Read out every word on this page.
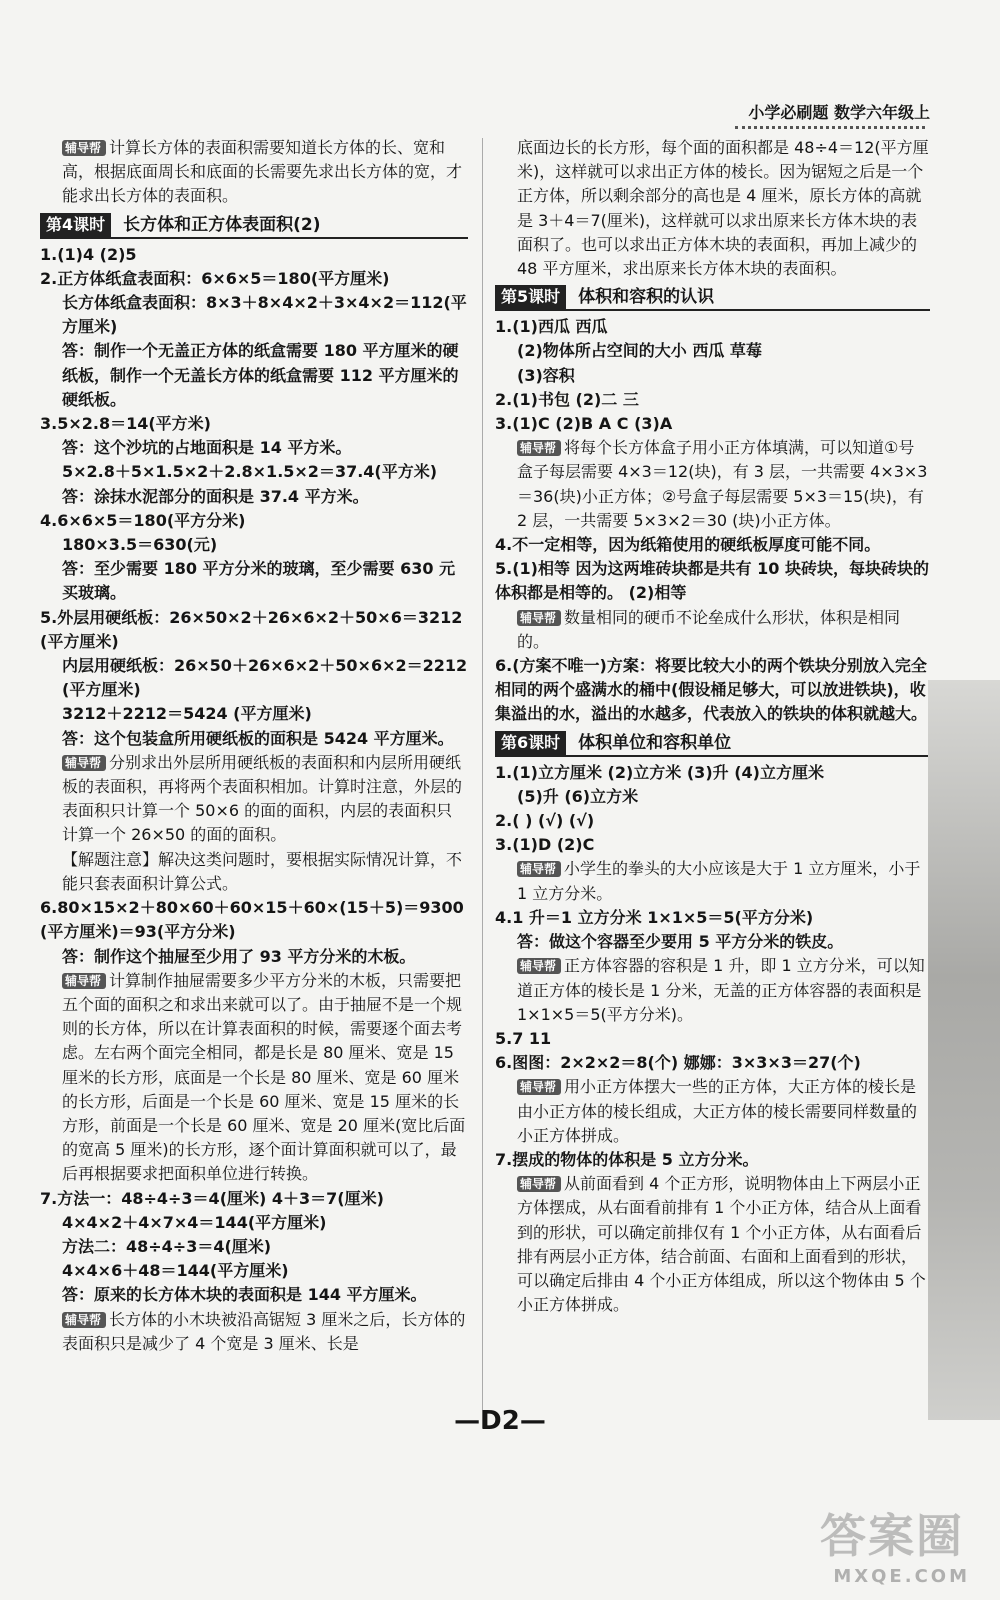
小学必刷题 数学六年级上
辅导帮 计算长方体的表面积需要知道长方体的长、宽和高，根据底面周长和底面的长需要先求出长方体的宽，才能求出长方体的表面积。
第4课时	长方体和正方体表面积(2)
1.(1)4 (2)5
2.正方体纸盒表面积：6×6×5＝180(平方厘米)
长方体纸盒表面积：8×3＋8×4×2＋3×4×2＝112(平方厘米)
答：制作一个无盖正方体的纸盒需要 180 平方厘米的硬纸板，制作一个无盖长方体的纸盒需要 112 平方厘米的硬纸板。
3.5×2.8＝14(平方米)
答：这个沙坑的占地面积是 14 平方米。
5×2.8＋5×1.5×2＋2.8×1.5×2＝37.4(平方米)
答：涂抹水泥部分的面积是 37.4 平方米。
4.6×6×5＝180(平方分米)
180×3.5＝630(元)
答：至少需要 180 平方分米的玻璃，至少需要 630 元买玻璃。
5.外层用硬纸板：26×50×2＋26×6×2＋50×6＝3212 (平方厘米)
内层用硬纸板：26×50＋26×6×2＋50×6×2＝2212 (平方厘米)
3212＋2212＝5424 (平方厘米)
答：这个包装盒所用硬纸板的面积是 5424 平方厘米。
辅导帮 分别求出外层所用硬纸板的表面积和内层所用硬纸板的表面积，再将两个表面积相加。计算时注意，外层的表面积只计算一个 50×6 的面的面积，内层的表面积只计算一个 26×50 的面的面积。
【解题注意】解决这类问题时，要根据实际情况计算，不能只套表面积计算公式。
6.80×15×2＋80×60＋60×15＋60×(15＋5)＝9300 (平方厘米)＝93(平方分米)
答：制作这个抽屉至少用了 93 平方分米的木板。
辅导帮 计算制作抽屉需要多少平方分米的木板，只需要把五个面的面积之和求出来就可以了。由于抽屉不是一个规则的长方体，所以在计算表面积的时候，需要逐个面去考虑。左右两个面完全相同，都是长是 80 厘米、宽是 15 厘米的长方形，底面是一个长是 80 厘米、宽是 60 厘米的长方形，后面是一个长是 60 厘米、宽是 15 厘米的长方形，前面是一个长是 60 厘米、宽是 20 厘米(宽比后面的宽高 5 厘米)的长方形，逐个面计算面积就可以了，最后再根据要求把面积单位进行转换。
7.方法一：48÷4÷3＝4(厘米) 4＋3＝7(厘米)
4×4×2＋4×7×4＝144(平方厘米)
方法二：48÷4÷3＝4(厘米)
4×4×6＋48＝144(平方厘米)
答：原来的长方体木块的表面积是 144 平方厘米。
辅导帮 长方体的小木块被沿高锯短 3 厘米之后，长方体的表面积只是减少了 4 个宽是 3 厘米、长是
底面边长的长方形，每个面的面积都是 48÷4＝12(平方厘米)，这样就可以求出正方体的棱长。因为锯短之后是一个正方体，所以剩余部分的高也是 4 厘米，原长方体的高就是 3＋4＝7(厘米)，这样就可以求出原来长方体木块的表面积了。也可以求出正方体木块的表面积，再加上减少的 48 平方厘米，求出原来长方体木块的表面积。
第5课时	体积和容积的认识
1.(1)西瓜 西瓜
(2)物体所占空间的大小 西瓜 草莓
(3)容积
2.(1)书包 (2)二 三
3.(1)C (2)B A C (3)A
辅导帮 将每个长方体盒子用小正方体填满，可以知道①号盒子每层需要 4×3＝12(块)，有 3 层，一共需要 4×3×3＝36(块)小正方体；②号盒子每层需要 5×3＝15(块)，有 2 层，一共需要 5×3×2＝30 (块)小正方体。
4.不一定相等，因为纸箱使用的硬纸板厚度可能不同。
5.(1)相等 因为这两堆砖块都是共有 10 块砖块，每块砖块的体积都是相等的。 (2)相等
辅导帮 数量相同的硬币不论垒成什么形状，体积是相同的。
6.(方案不唯一)方案：将要比较大小的两个铁块分别放入完全相同的两个盛满水的桶中(假设桶足够大，可以放进铁块)，收集溢出的水，溢出的水越多，代表放入的铁块的体积就越大。
第6课时	体积单位和容积单位
1.(1)立方厘米 (2)立方米 (3)升 (4)立方厘米
(5)升 (6)立方米
2.( ) (√) (√)
3.(1)D (2)C
辅导帮 小学生的拳头的大小应该是大于 1 立方厘米，小于 1 立方分米。
4.1 升＝1 立方分米 1×1×5＝5(平方分米)
答：做这个容器至少要用 5 平方分米的铁皮。
辅导帮 正方体容器的容积是 1 升，即 1 立方分米，可以知道正方体的棱长是 1 分米，无盖的正方体容器的表面积是 1×1×5＝5(平方分米)。
5.7 11
6.图图：2×2×2＝8(个) 娜娜：3×3×3＝27(个)
辅导帮 用小正方体摆大一些的正方体，大正方体的棱长是由小正方体的棱长组成，大正方体的棱长需要同样数量的小正方体拼成。
7.摆成的物体的体积是 5 立方分米。
辅导帮 从前面看到 4 个正方形，说明物体由上下两层小正方体摆成，从右面看前排有 1 个小正方体，结合从上面看到的形状，可以确定前排仅有 1 个小正方体，从右面看后排有两层小正方体，结合前面、右面和上面看到的形状，可以确定后排由 4 个小正方体组成，所以这个物体由 5 个小正方体拼成。
—D2—
答案圈
MXQE.COM
